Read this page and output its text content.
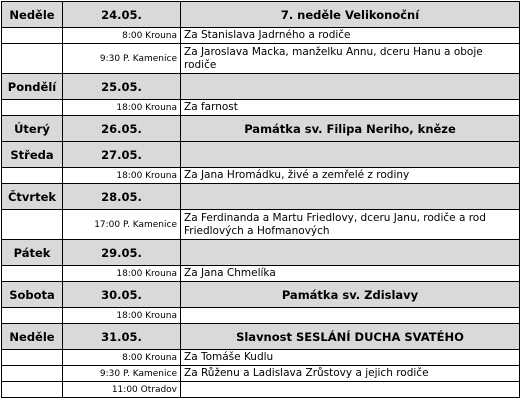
Neděle	24.05.	7. neděle Velikonoční
	8:00 Krouna	Za Stanislava Jadrného a rodiče
	9:30 P. Kamenice	Za Jaroslava Macka, manželku Annu, dceru Hanu a oboje rodiče
Pondělí	25.05.	
	18:00 Krouna	Za farnost
Úterý	26.05.	Památka sv. Filipa Neriho, kněze
Středa	27.05.	
	18:00 Krouna	Za Jana Hromádku, živé a zemřelé z rodiny
Čtvrtek	28.05.	
	17:00 P. Kamenice	Za Ferdinanda a Martu Friedlovy, dceru Janu, rodiče a rod Friedlových a Hofmanových
Pátek	29.05.	
	18:00 Krouna	Za Jana Chmelíka
Sobota	30.05.	Památka sv. Zdislavy
	18:00 Krouna	
Neděle	31.05.	Slavnost SESLÁNÍ DUCHA SVATÉHO
	8:00 Krouna	Za Tomáše Kudlu
	9:30 P. Kamenice	Za Růženu a Ladislava Zrůstovy a jejich rodiče
	11:00 Otradov	
